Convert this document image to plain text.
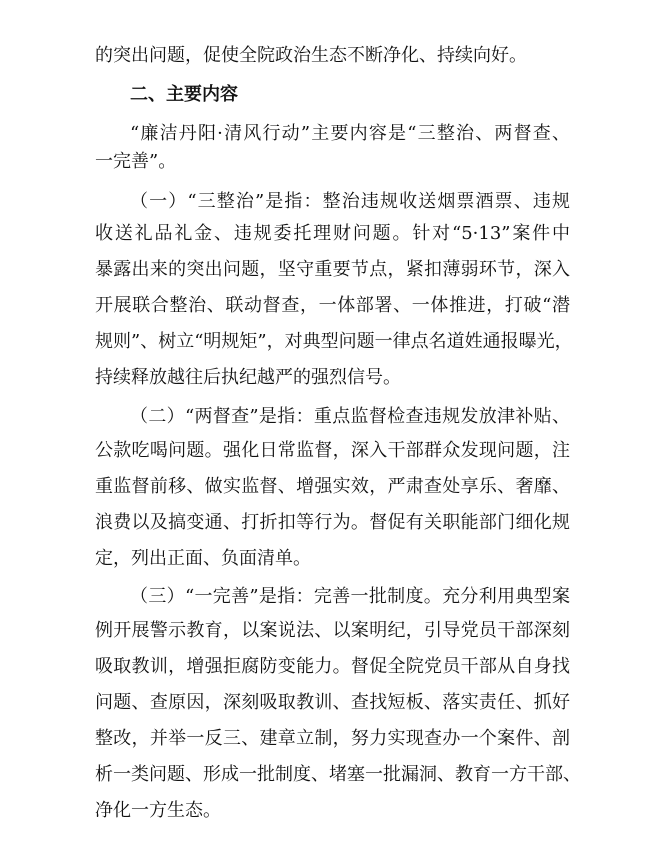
的突出问题，促使全院政治生态不断净化、持续向好。
二、主要内容
“廉洁丹阳·清风行动”主要内容是“三整治、两督查、
一完善”。
（一）“三整治”是指：整治违规收送烟票酒票、违规
收送礼品礼金、违规委托理财问题。针对“5·13”案件中
暴露出来的突出问题，坚守重要节点，紧扣薄弱环节，深入
开展联合整治、联动督查，一体部署、一体推进，打破“潜
规则”、树立“明规矩”，对典型问题一律点名道姓通报曝光，
持续释放越往后执纪越严的强烈信号。
（二）“两督查”是指：重点监督检查违规发放津补贴、
公款吃喝问题。强化日常监督，深入干部群众发现问题，注
重监督前移、做实监督、增强实效，严肃查处享乐、奢靡、
浪费以及搞变通、打折扣等行为。督促有关职能部门细化规
定，列出正面、负面清单。
（三）“一完善”是指：完善一批制度。充分利用典型案
例开展警示教育，以案说法、以案明纪，引导党员干部深刻
吸取教训，增强拒腐防变能力。督促全院党员干部从自身找
问题、查原因，深刻吸取教训、查找短板、落实责任、抓好
整改，并举一反三、建章立制，努力实现查办一个案件、剖
析一类问题、形成一批制度、堵塞一批漏洞、教育一方干部、
净化一方生态。
